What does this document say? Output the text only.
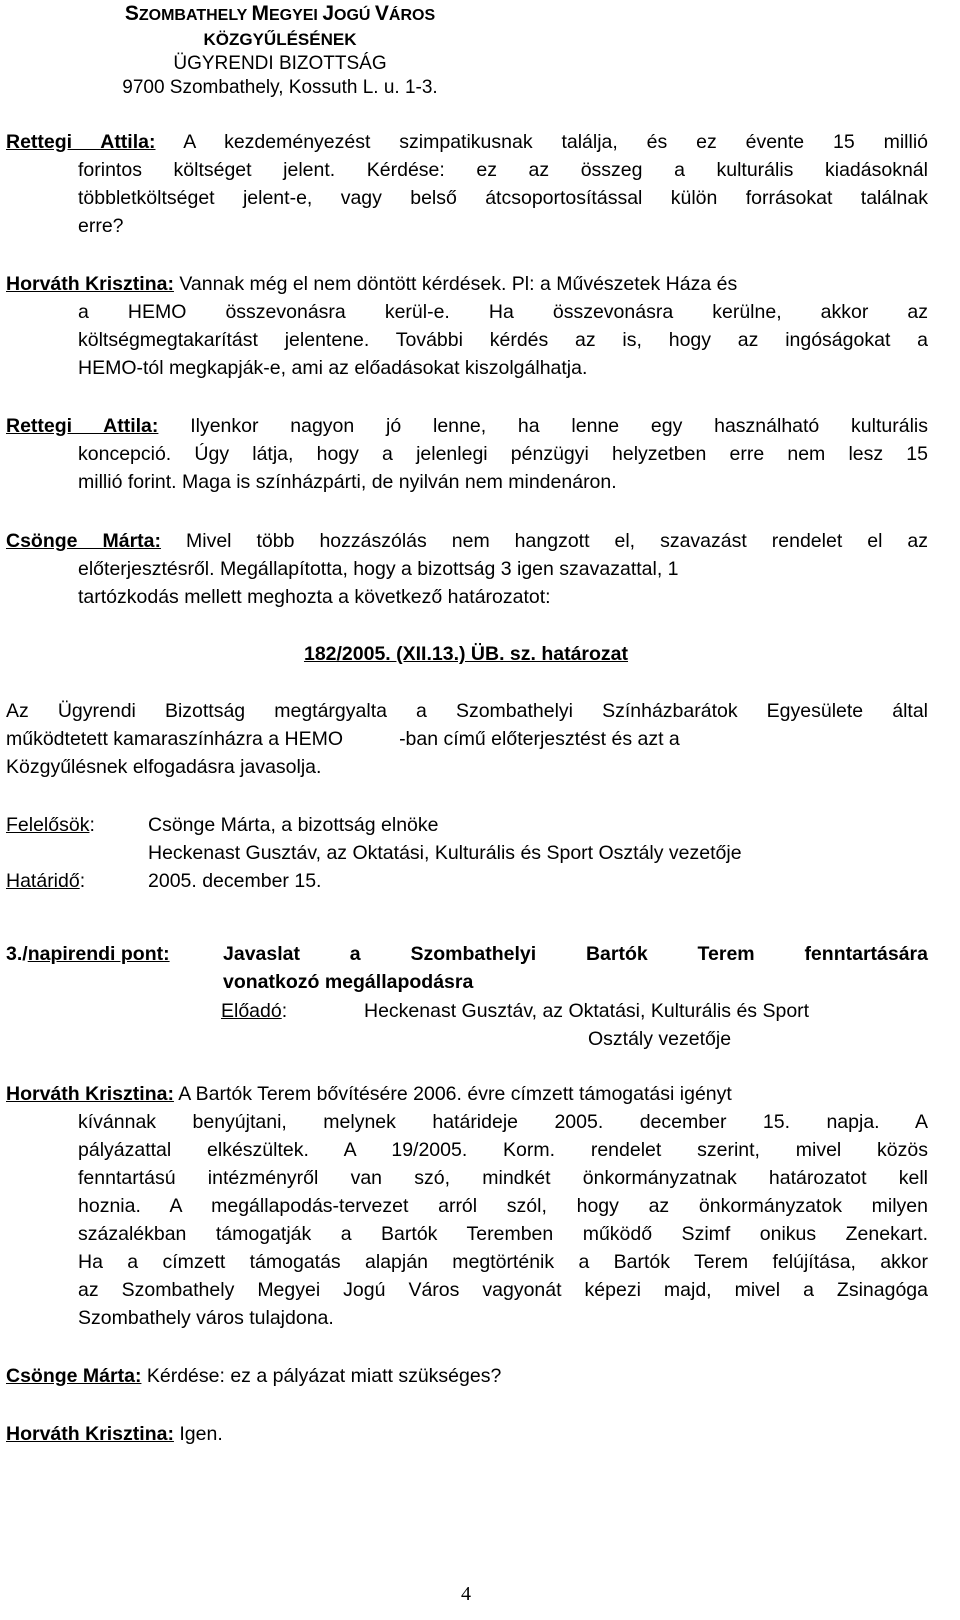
SZOMBATHELY MEGYEI JOGÚ VÁROS
KÖZGYŰLÉSÉNEK
ÜGYRENDI BIZOTTSÁG
9700 Szombathely, Kossuth L. u. 1-3.
Rettegi Attila: A kezdeményezést szimpatikusnak találja, és ez évente 15 millió
forintos költséget jelent. Kérdése: ez az összeg a kulturális kiadásoknál
többletköltséget jelent-e, vagy belső átcsoportosítással külön forrásokat találnak
erre?
Horváth Krisztina: Vannak még el nem döntött kérdések. Pl: a Művészetek Háza és
a HEMO összevonásra kerül-e. Ha összevonásra kerülne, akkor az
költségmegtakarítást jelentene. További kérdés az is, hogy az ingóságokat a
HEMO-tól megkapják-e, ami az előadásokat kiszolgálhatja.
Rettegi Attila: Ilyenkor nagyon jó lenne, ha lenne egy használható kulturális
koncepció. Úgy látja, hogy a jelenlegi pénzügyi helyzetben erre nem lesz 15
millió forint. Maga is színházpárti, de nyilván nem mindenáron.
Csönge Márta: Mivel több hozzászólás nem hangzott el, szavazást rendelet el az
előterjesztésről. Megállapította, hogy a bizottság 3 igen szavazattal, 1
tartózkodás mellett meghozta a következő határozatot:
182/2005. (XII.13.) ÜB. sz. határozat
Az Ügyrendi Bizottság megtárgyalta a Szombathelyi Színházbarátok Egyesülete által
működtetett kamaraszínházra a HEMO	-ban című előterjesztést és azt a
Közgyűlésnek elfogadásra javasolja.
Felelősök:	Csönge Márta, a bizottság elnöke
Heckenast Gusztáv, az Oktatási, Kulturális és Sport Osztály vezetője
Határidő:	2005. december 15.
3./napirendi pont:	Javaslat a Szombathelyi Bartók Terem fenntartására
vonatkozó megállapodásra
Előadó:	Heckenast Gusztáv, az Oktatási, Kulturális és Sport
Osztály vezetője
Horváth Krisztina: A Bartók Terem bővítésére 2006. évre címzett támogatási igényt
kívánnak benyújtani, melynek határideje 2005. december 15. napja. A
pályázattal elkészültek. A 19/2005. Korm. rendelet szerint, mivel közös
fenntartású intézményről van szó, mindkét önkormányzatnak határozatot kell
hoznia. A megállapodás-tervezet arról szól, hogy az önkormányzatok milyen
százalékban támogatják a Bartók Teremben működő Szimf onikus Zenekart.
Ha a címzett támogatás alapján megtörténik a Bartók Terem felújítása, akkor
az Szombathely Megyei Jogú Város vagyonát képezi majd, mivel a Zsinagóga
Szombathely város tulajdona.
Csönge Márta: Kérdése: ez a pályázat miatt szükséges?
Horváth Krisztina: Igen.
4
